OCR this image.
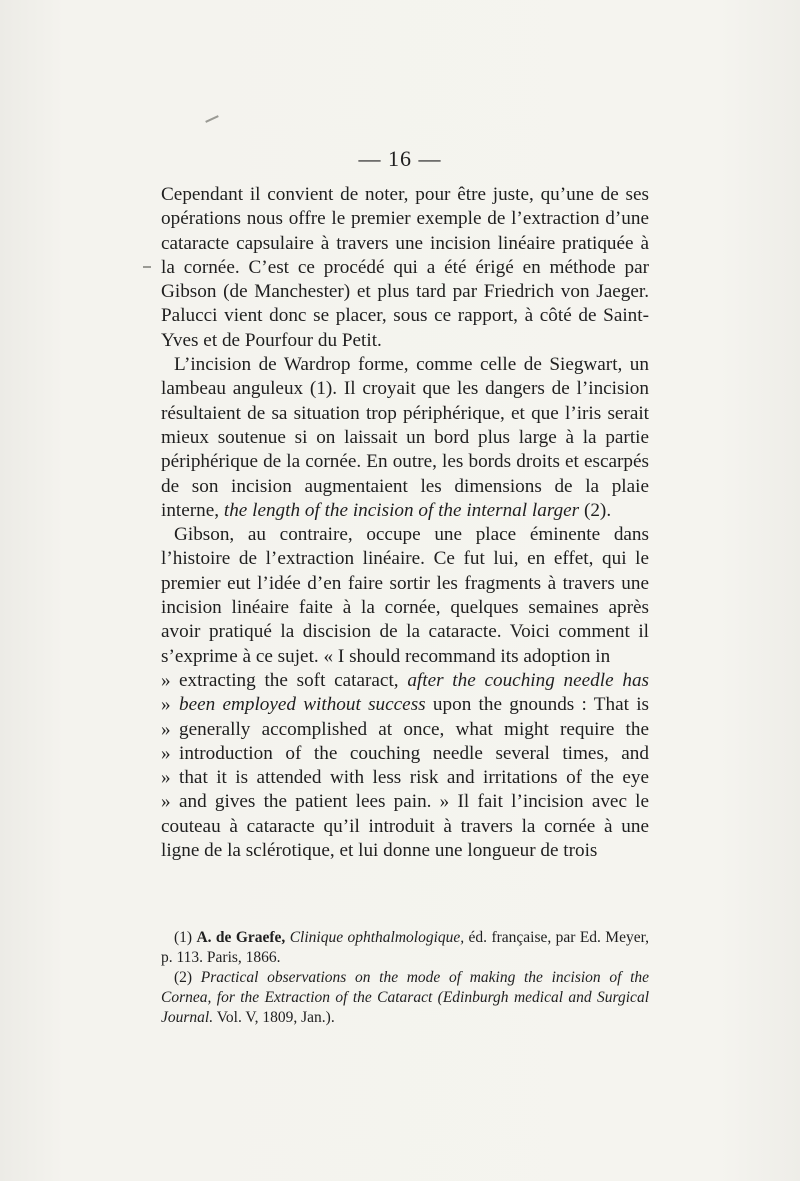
— 16 —

Cependant il convient de noter, pour être juste, qu’une de ses opérations nous offre le premier exemple de l’extraction d’une cataracte capsulaire à travers une incision linéaire pratiquée à la cornée. C’est ce procédé qui a été érigé en méthode par Gibson (de Manchester) et plus tard par Friedrich von Jaeger. Palucci vient donc se placer, sous ce rapport, à côté de Saint-Yves et de Pourfour du Petit.

L’incision de Wardrop forme, comme celle de Siegwart, un lambeau anguleux (1). Il croyait que les dangers de l’incision résultaient de sa situation trop périphérique, et que l’iris serait mieux soutenue si on laissait un bord plus large à la partie périphérique de la cornée. En outre, les bords droits et escarpés de son incision augmentaient les dimensions de la plaie interne, the length of the incision of the internal larger (2).

Gibson, au contraire, occupe une place éminente dans l’histoire de l’extraction linéaire. Ce fut lui, en effet, qui le premier eut l’idée d’en faire sortir les fragments à travers une incision linéaire faite à la cornée, quelques semaines après avoir pratiqué la discision de la cataracte. Voici comment il s’exprime à ce sujet. « I should recommand its adoption in

» extracting the soft cataract, after the couching needle has
» been employed without success upon the gnounds : That is
» generally accomplished at once, what might require the
» introduction of the couching needle several times, and
» that it is attended with less risk and irritations of the eye

» and gives the patient lees pain. » Il fait l’incision avec le couteau à cataracte qu’il introduit à travers la cornée à une ligne de la sclérotique, et lui donne une longueur de trois

(1) A. de Graefe, Clinique ophthalmologique, éd. française, par Ed. Meyer, p. 113. Paris, 1866.

(2) Practical observations on the mode of making the incision of the Cornea, for the Extraction of the Cataract (Edinburgh medical and Surgical Journal. Vol. V, 1809, Jan.).
